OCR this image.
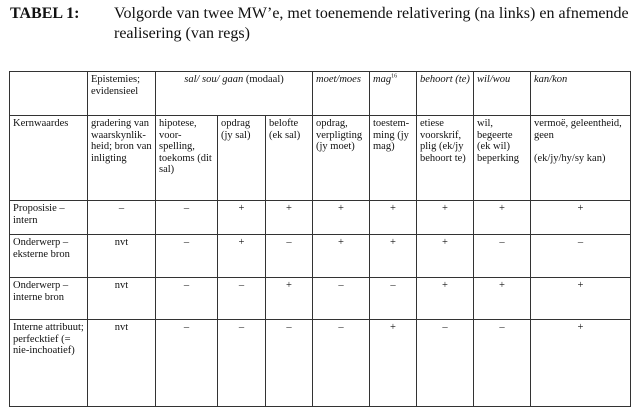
TABEL 1: Volgorde van twee MW’e, met toenemende relativering (na links) en afnemende realisering (van regs)
	Epistemies; evidensieel	sal/ sou/ gaan (modaal)			moet/moes	mag$^{16}$	behoort (te)	wil/wou	kan/kon
Kernwaardes	gradering van waarskynlik-heid; bron van inligting	hipotese, voor-spelling, toekoms (dit sal)	opdrag (jy sal)	belofte (ek sal)	opdrag, verpligting (jy moet)	toestem-ming (jy mag)	etiese voorskrif, plig (ek/jy behoort te)	wil, begeerte (ek wil) beperking	vermoë, geleentheid, geen
(ek/jy/hy/sy kan)

Proposisie – intern	–	–	+	+	+	+	+	+	+
Onderwerp – eksterne bron	nvt	–	+	–	+	+	+	–	–
Onderwerp – interne bron	nvt	–	–	+	–	–	+	+	+
Interne attribuut; perfecktief (= nie-inchoatief)	nvt	–	–	–	–	+	–	–	+
